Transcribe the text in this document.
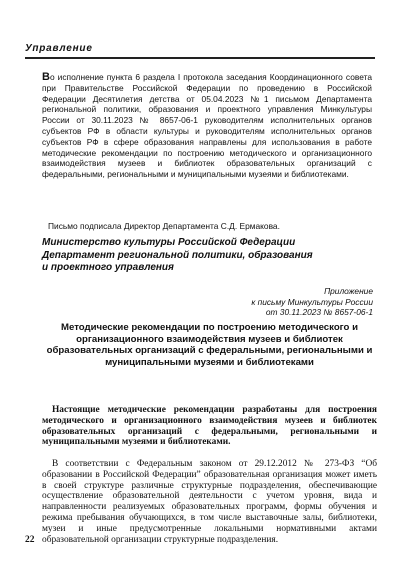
Управление

Во исполнение пункта 6 раздела I протокола заседания Координационного совета при Правительстве Российской Федерации по проведению в Российской Федерации Десятилетия детства от 05.04.2023 №1 письмом Департамента региональной политики, образования и проектного управления Минкультуры России от 30.11.2023 № 8657-06-1 руководителям исполнительных органов субъектов РФ в области культуры и руководителям исполнительных органов субъектов РФ в сфере образования направлены для использования в работе методические рекомендации по построению методического и организационного взаимодействия музеев и библиотек образовательных организаций с федеральными, региональными и муниципальными музеями и библиотеками.

Письмо подписала Директор Департамента С.Д. Ермакова.

Министерство культуры Российской Федерации
Департамент региональной политики, образования
и проектного управления

Приложение
к письму Минкультуры России
от 30.11.2023 № 8657-06-1

Методические рекомендации по построению методического и организационного взаимодействия музеев и библиотек образовательных организаций с федеральными, региональными и муниципальными музеями и библиотеками

Настоящие методические рекомендации разработаны для построения методического и организационного взаимодействия музеев и библиотек образовательных организаций с федеральными, региональными и муниципальными музеями и библиотеками.

В соответствии с Федеральным законом от 29.12.2012 № 273-ФЗ “Об образовании в Российской Федерации” образовательная организация может иметь в своей структуре различные структурные подразделения, обеспечивающие осуществление образовательной деятельности с учетом уровня, вида и направленности реализуемых образовательных программ, формы обучения и режима пребывания обучающихся, в том числе выставочные залы, библиотеки, музеи и иные предусмотренные локальными нормативными актами образовательной организации структурные подразделения.

22
